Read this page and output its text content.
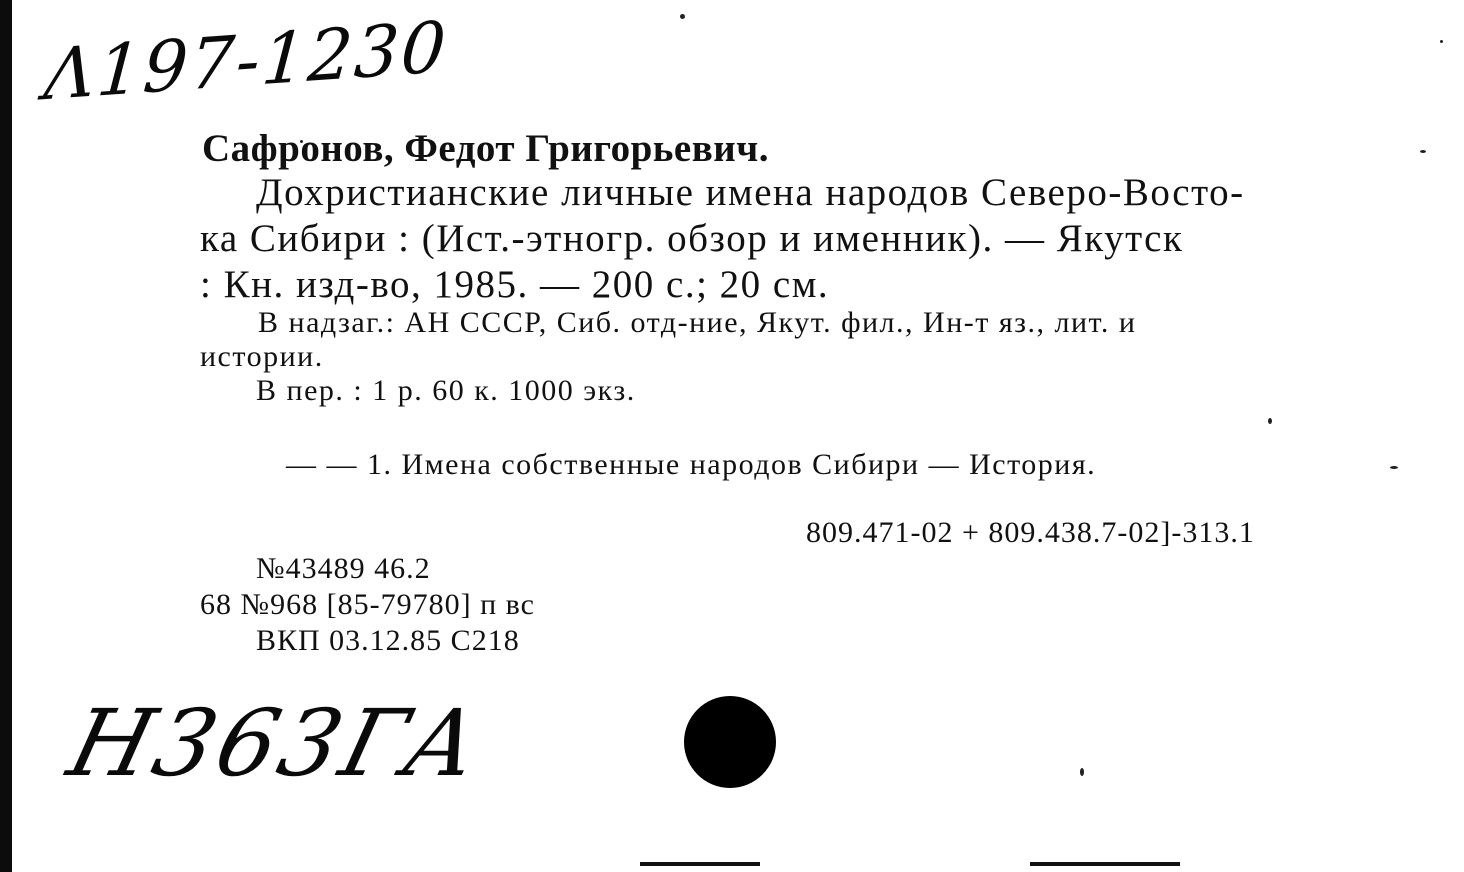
Λ197-1230
Сафронов, Федот Григорьевич.
Дохристианские личные имена народов Северо-Восто-
ка Сибири : (Ист.-этногр. обзор и именник). — Якутск
: Кн. изд-во, 1985. — 200 с.; 20 см.
В надзаг.: АН СССР, Сиб. отд-ние, Якут. фил., Ин-т яз., лит. и
истории.
В пер. : 1 р. 60 к. 1000 экз.
— — 1. Имена собственные народов Сибири — История.
809.471-02 + 809.438.7-02]-313.1
№43489 46.2
68 №968 [85-79780] п вс
ВКП 03.12.85 С218
H363ГA
